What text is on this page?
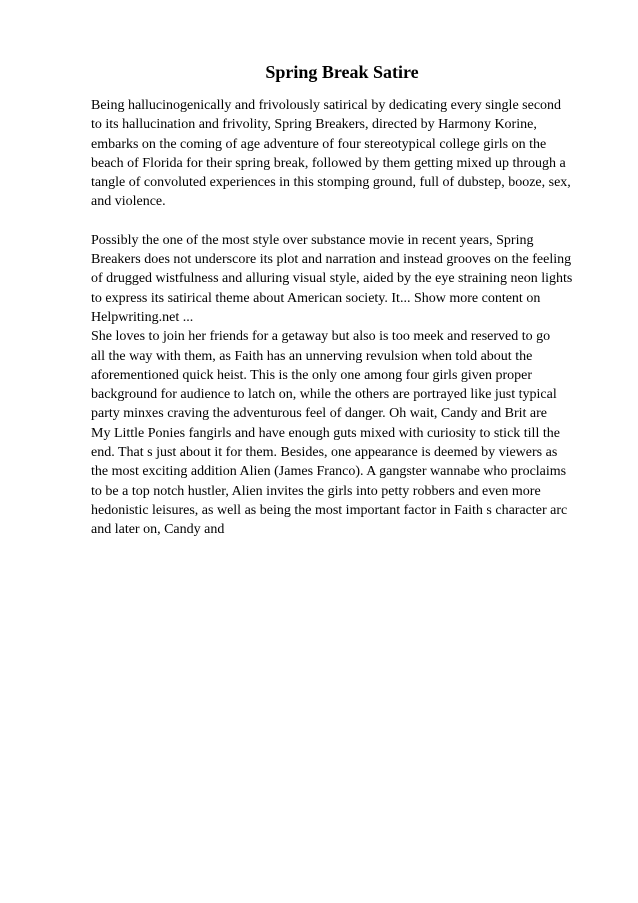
Spring Break Satire
Being hallucinogenically and frivolously satirical by dedicating every single second
to its hallucination and frivolity, Spring Breakers, directed by Harmony Korine,
embarks on the coming of age adventure of four stereotypical college girls on the
beach of Florida for their spring break, followed by them getting mixed up through a
tangle of convoluted experiences in this stomping ground, full of dubstep, booze, sex,
and violence.
Possibly the one of the most style over substance movie in recent years, Spring
Breakers does not underscore its plot and narration and instead grooves on the feeling
of drugged wistfulness and alluring visual style, aided by the eye straining neon lights
to express its satirical theme about American society. It... Show more content on
Helpwriting.net ...
She loves to join her friends for a getaway but also is too meek and reserved to go
all the way with them, as Faith has an unnerving revulsion when told about the
aforementioned quick heist. This is the only one among four girls given proper
background for audience to latch on, while the others are portrayed like just typical
party minxes craving the adventurous feel of danger. Oh wait, Candy and Brit are
My Little Ponies fangirls and have enough guts mixed with curiosity to stick till the
end. That s just about it for them. Besides, one appearance is deemed by viewers as
the most exciting addition Alien (James Franco). A gangster wannabe who proclaims
to be a top notch hustler, Alien invites the girls into petty robbers and even more
hedonistic leisures, as well as being the most important factor in Faith s character arc
and later on, Candy and
